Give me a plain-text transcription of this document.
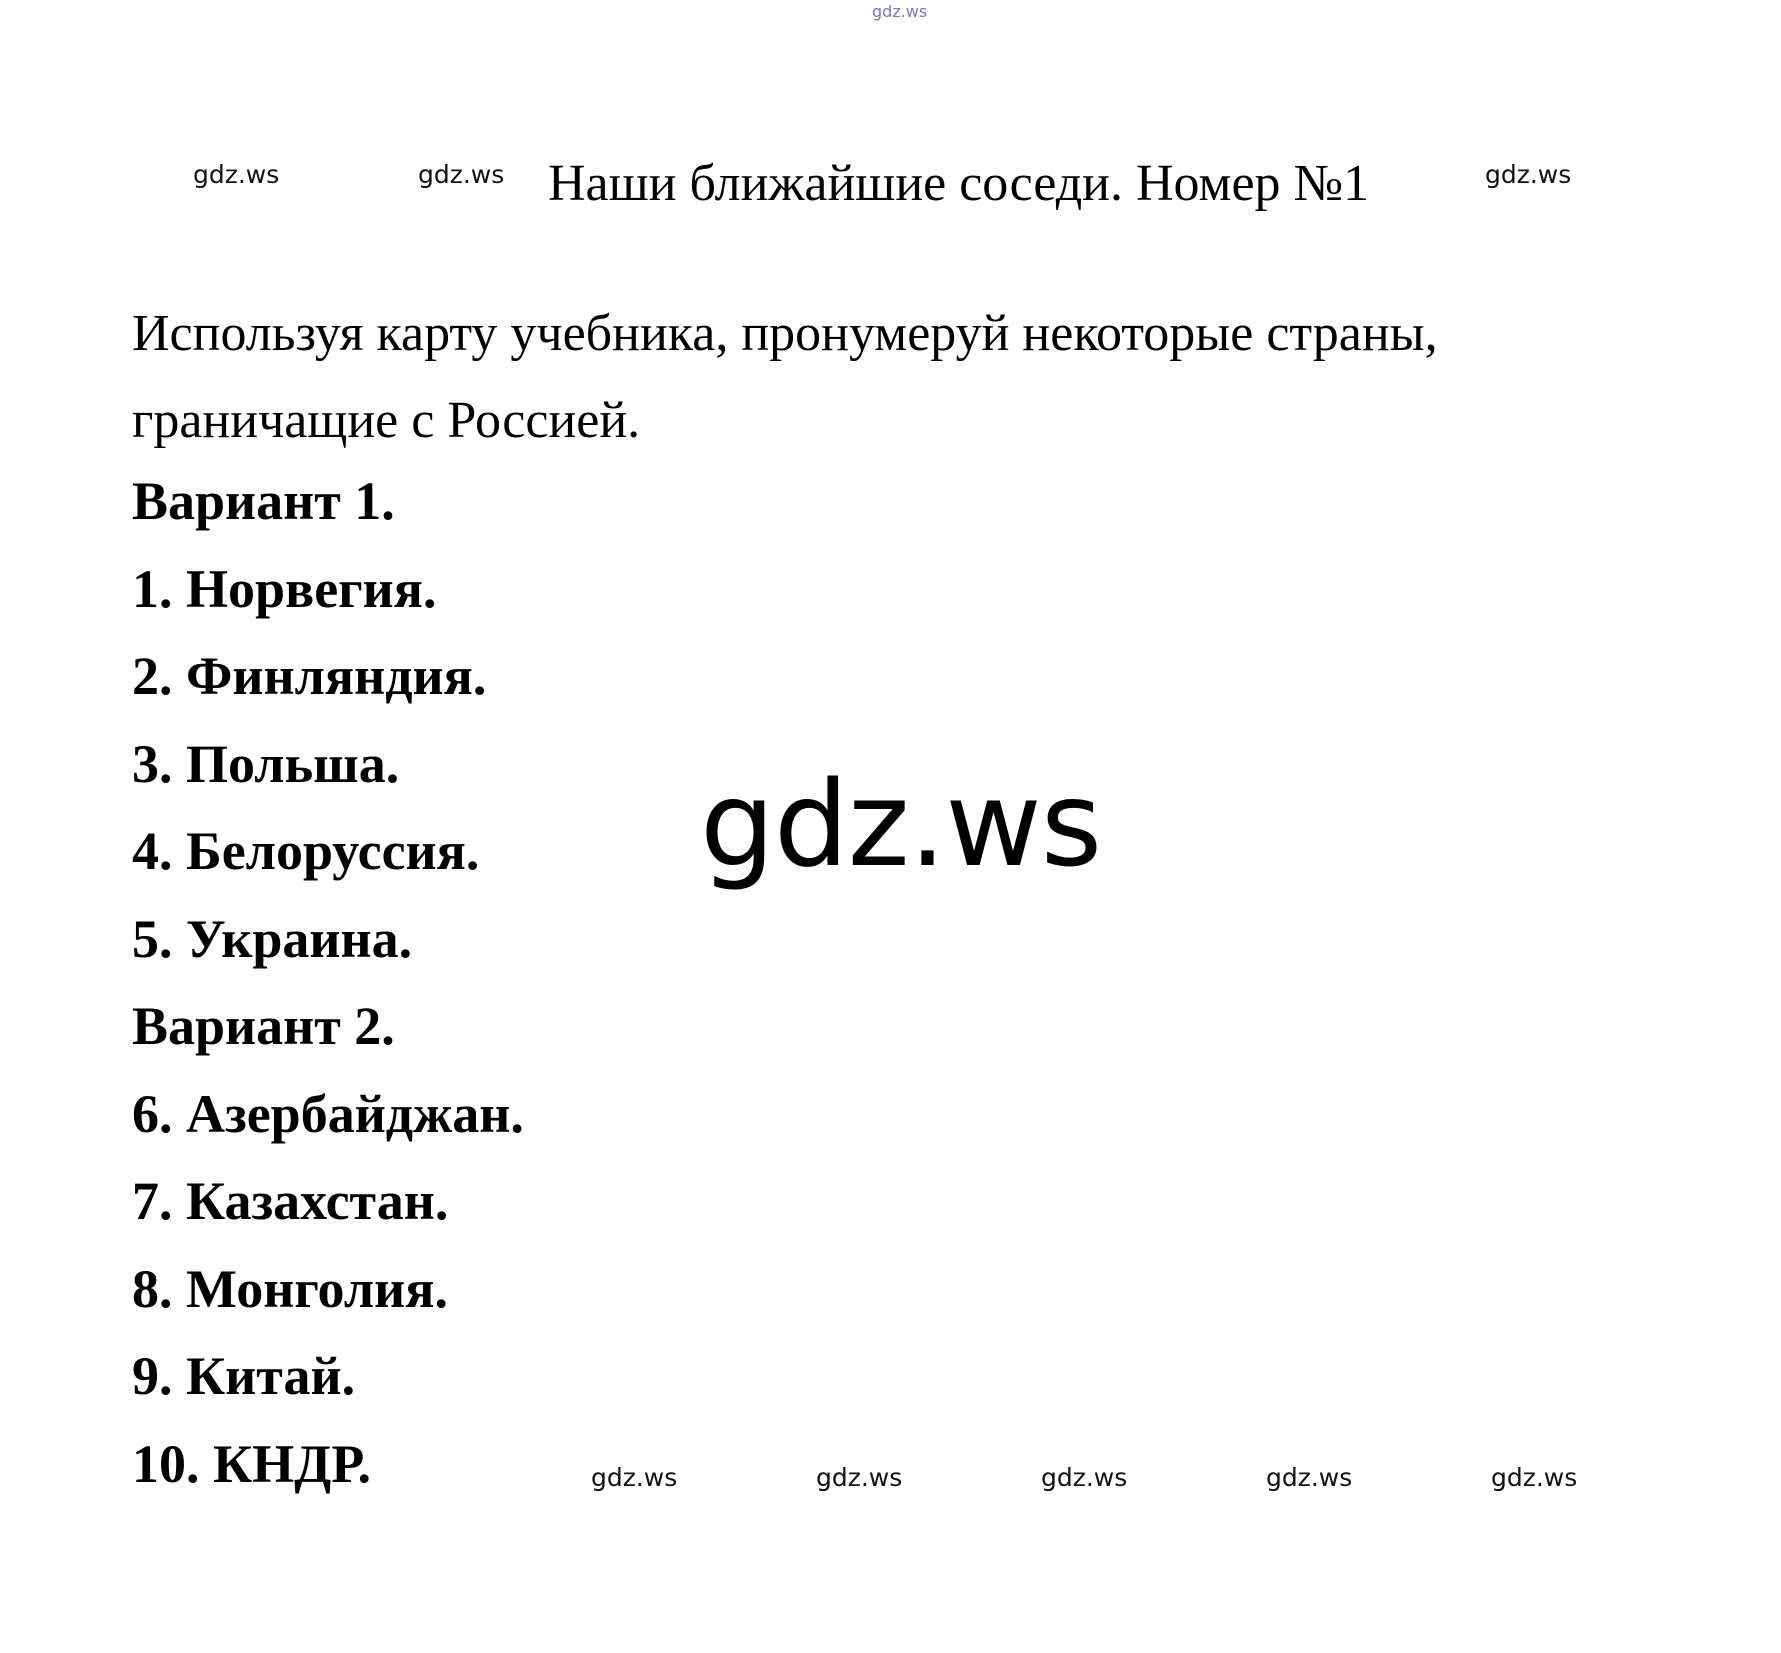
gdz.ws
gdz.ws	gdz.ws Наши ближайшие соседи. Номер №1	gdz.ws
Используя карту учебника, пронумеруй некоторые страны, граничащие с Россией.
Вариант 1.
1. Норвегия.
2. Финляндия.
3. Польша.
4. Белоруссия.
5. Украина.
Вариант 2.
6. Азербайджан.
7. Казахстан.
8. Монголия.
9. Китай.
10. КНДР.
gdz.ws
gdz.ws	gdz.ws	gdz.ws	gdz.ws	gdz.ws
